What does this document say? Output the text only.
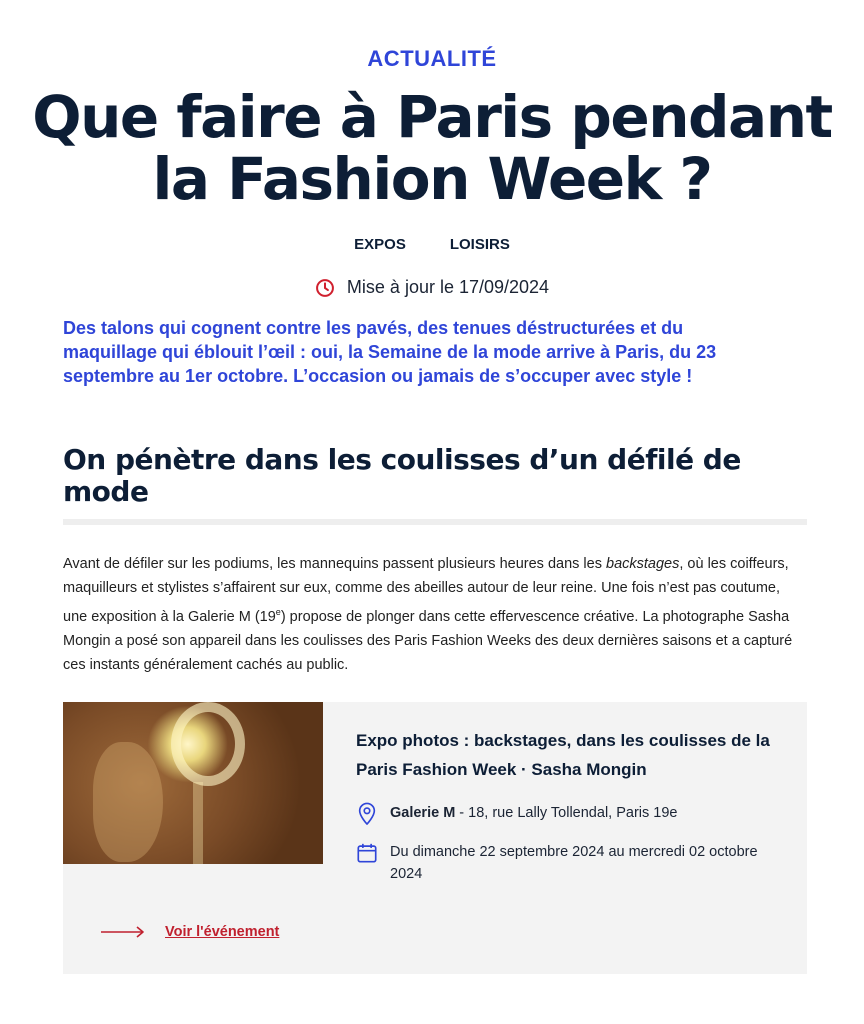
ACTUALITÉ
Que faire à Paris pendant la Fashion Week ?
EXPOS	LOISIRS
Mise à jour le 17/09/2024

Des talons qui cognent contre les pavés, des tenues déstructurées et du maquillage qui éblouit l’œil : oui, la Semaine de la mode arrive à Paris, du 23 septembre au 1er octobre. L’occasion ou jamais de s’occuper avec style !

On pénètre dans les coulisses d’un défilé de mode

Avant de défiler sur les podiums, les mannequins passent plusieurs heures dans les backstages, où les coiffeurs, maquilleurs et stylistes s’affairent sur eux, comme des abeilles autour de leur reine. Une fois n’est pas coutume, une exposition à la Galerie M (19e) propose de plonger dans cette effervescence créative. La photographe Sasha Mongin a posé son appareil dans les coulisses des Paris Fashion Weeks des deux dernières saisons et a capturé ces instants généralement cachés au public.

Expo photos : backstages, dans les coulisses de la Paris Fashion Week · Sasha Mongin
Galerie M - 18, rue Lally Tollendal, Paris 19e
Du dimanche 22 septembre 2024 au mercredi 02 octobre 2024
Voir l'événement
